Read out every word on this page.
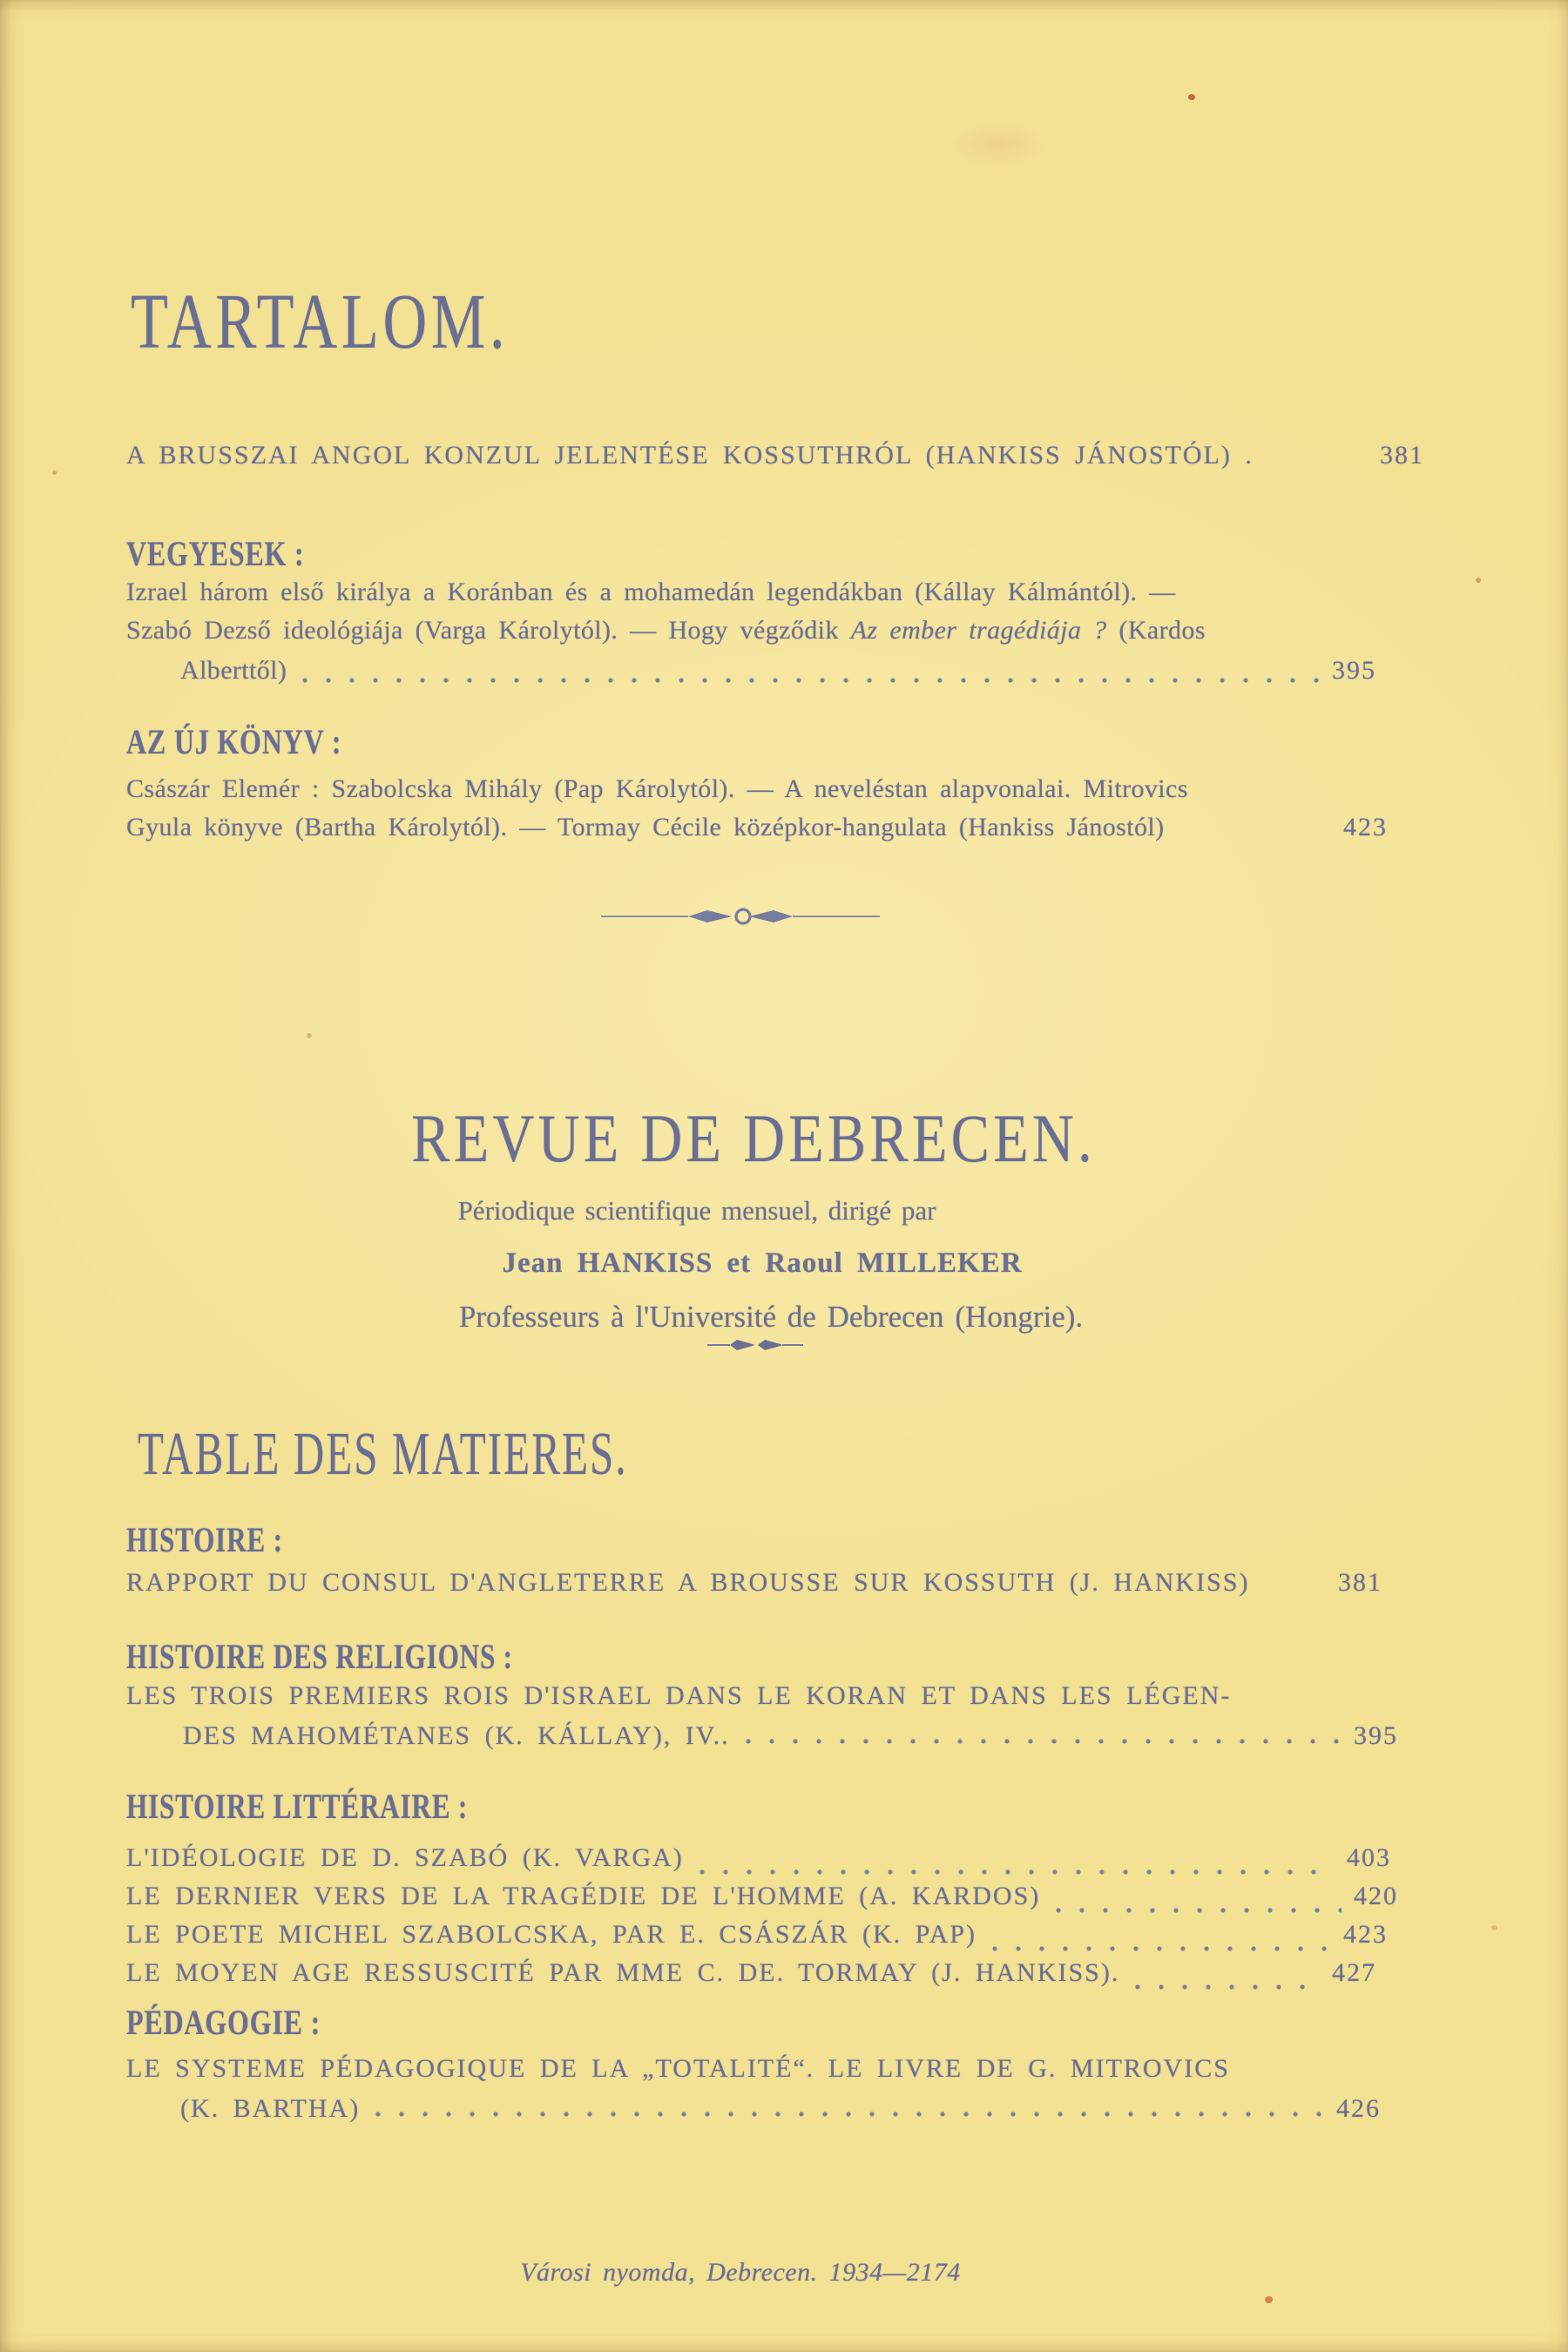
TARTALOM.
A BRUSSZAI ANGOL KONZUL JELENTÉSE KOSSUTHRÓL (HANKISS JÁNOSTÓL) .	381
VEGYESEK :
Izrael három első királya a Koránban és a mohamedán legendákban (Kállay Kálmántól). —
Szabó Dezső ideológiája (Varga Károlytól). — Hogy végződik Az ember tragédiája ? (Kardos
Alberttől)	395
AZ ÚJ KÖNYV :
Császár Elemér : Szabolcska Mihály (Pap Károlytól). — A neveléstan alapvonalai. Mitrovics
Gyula könyve (Bartha Károlytól). — Tormay Cécile középkor-hangulata (Hankiss Jánostól)	423
REVUE DE DEBRECEN.
Périodique scientifique mensuel, dirigé par
Jean HANKISS et Raoul MILLEKER
Professeurs à l'Université de Debrecen (Hongrie).
TABLE DES MATIERES.
HISTOIRE :
RAPPORT DU CONSUL D'ANGLETERRE A BROUSSE SUR KOSSUTH (J. HANKISS)	381
HISTOIRE DES RELIGIONS :
LES TROIS PREMIERS ROIS D'ISRAEL DANS LE KORAN ET DANS LES LÉGEN-
DES MAHOMÉTANES (K. KÁLLAY), IV..	395
HISTOIRE LITTÉRAIRE :
L'IDÉOLOGIE DE D. SZABÓ (K. VARGA)	403
LE DERNIER VERS DE LA TRAGÉDIE DE L'HOMME (A. KARDOS)	420
LE POETE MICHEL SZABOLCSKA, PAR E. CSÁSZÁR (K. PAP)	423
LE MOYEN AGE RESSUSCITÉ PAR MME C. DE. TORMAY (J. HANKISS).	427
PÉDAGOGIE :
LE SYSTEME PÉDAGOGIQUE DE LA „TOTALITÉ“. LE LIVRE DE G. MITROVICS
(K. BARTHA)	426
Városi nyomda, Debrecen. 1934—2174
